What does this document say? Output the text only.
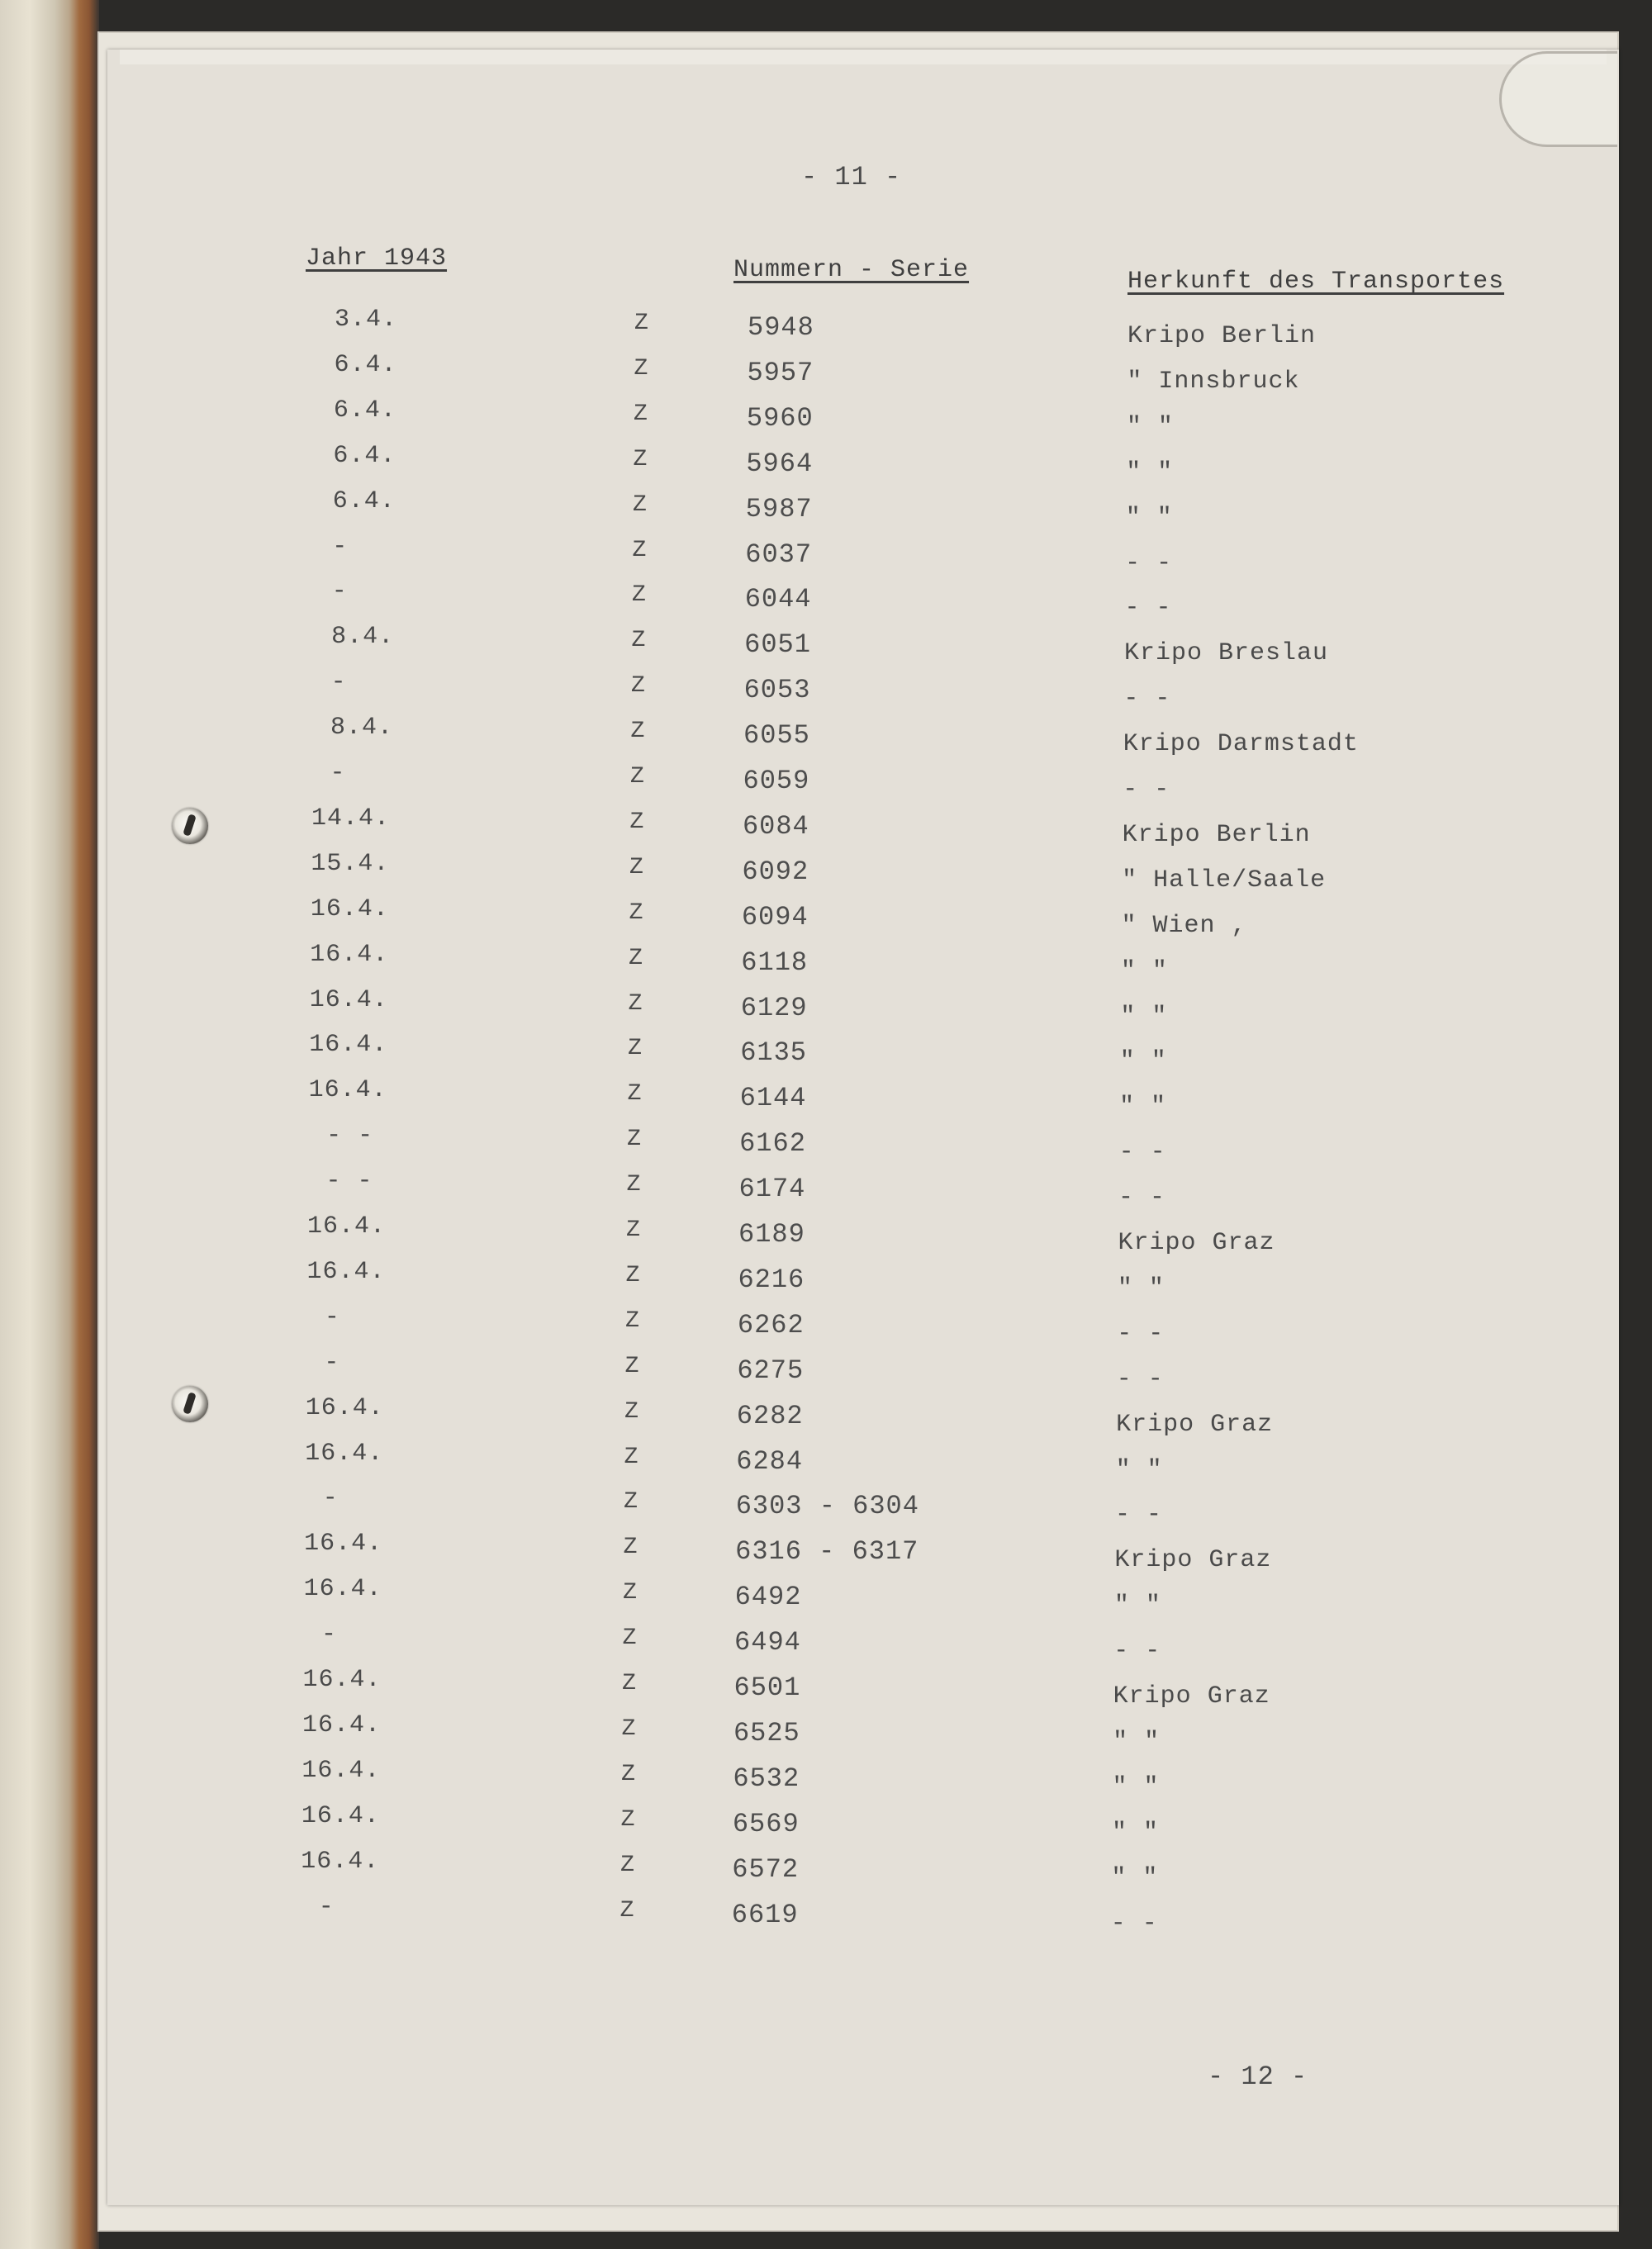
- 11 -
Jahr 1943	Nummern - Serie	Herkunft des Transportes
3.4.	Z	5948	Kripo Berlin
6.4.	Z	5957	" Innsbruck
6.4.	Z	5960	" "
6.4.	Z	5964	" "
6.4.	Z	5987	" "
-	Z	6037	- -
-	Z	6044	- -
8.4.	Z	6051	Kripo Breslau
-	Z	6053	- -
8.4.	Z	6055	Kripo Darmstadt
-	Z	6059	- -
14.4.	Z	6084	Kripo Berlin
15.4.	Z	6092	" Halle/Saale
16.4.	Z	6094	" Wien ,
16.4.	Z	6118	" "
16.4.	Z	6129	" "
16.4.	Z	6135	" "
16.4.	Z	6144	" "
- -	Z	6162	- -
- -	Z	6174	- -
16.4.	Z	6189	Kripo Graz
16.4.	Z	6216	" "
-	Z	6262	- -
-	Z	6275	- -
16.4.	Z	6282	Kripo Graz
16.4.	Z	6284	" "
-	Z	6303 - 6304	- -
16.4.	Z	6316 - 6317	Kripo Graz
16.4.	Z	6492	" "
-	Z	6494	- -
16.4.	Z	6501	Kripo Graz
16.4.	Z	6525	" "
16.4.	Z	6532	" "
16.4.	Z	6569	" "
16.4.	Z	6572	" "
-	Z	6619	- -
- 12 -
